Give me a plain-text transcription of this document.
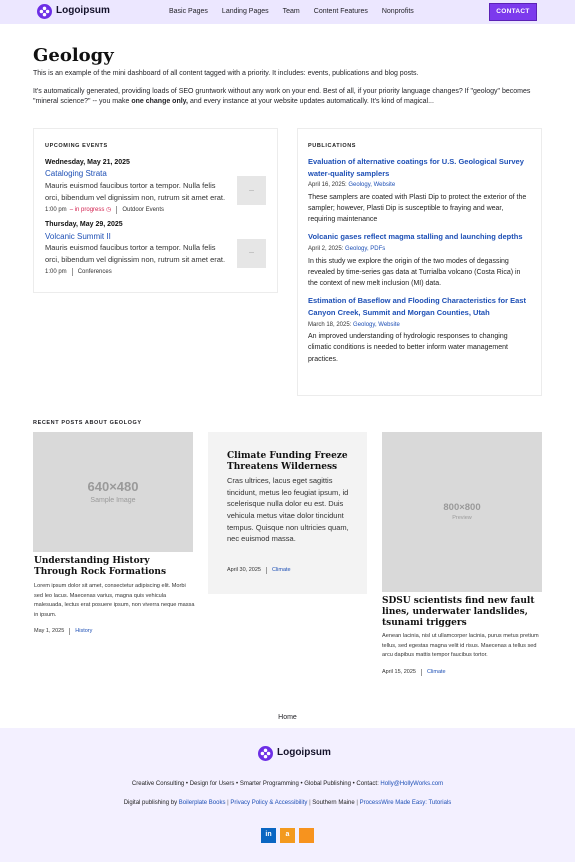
Logoipsum	Basic Pages Landing Pages Team Content Features Nonprofits	CONTACT
Geology

This is an example of the mini dashboard of all content tagged with a priority. It includes: events, publications and blog posts.

It's automatically generated, providing loads of SEO gruntwork without any work on your end. Best of all, if your priority language changes? If "geology" becomes "mineral science?" -- you make one change only, and every instance at your website updates automatically. It's kind of magical...

UPCOMING EVENTS
Wednesday, May 21, 2025
Cataloging Strata
Mauris euismod faucibus tortor a tempor. Nulla felis orci, bibendum vel dignissim non, rutrum sit amet erat.
1:00 pm – in progress ◷ Outdoor Events
▬▬
Thursday, May 29, 2025
Volcanic Summit II
Mauris euismod faucibus tortor a tempor. Nulla felis orci, bibendum vel dignissim non, rutrum sit amet erat.
1:00 pm Conferences
▬▬
PUBLICATIONS
Evaluation of alternative coatings for U.S. Geological Survey water-quality samplers
April 16, 2025: Geology, Website
These samplers are coated with Plasti Dip to protect the exterior of the sampler; however, Plasti Dip is susceptible to fraying and wear, requiring maintenance
Volcanic gases reflect magma stalling and launching depths
April 2, 2025: Geology, PDFs
In this study we explore the origin of the two modes of degassing revealed by time-series gas data at Turrialba volcano (Costa Rica) in the context of new melt inclusion (MI) data.
Estimation of Baseflow and Flooding Characteristics for East Canyon Creek, Summit and Morgan Counties, Utah
March 18, 2025: Geology, Website
An improved understanding of hydrologic responses to changing climatic conditions is needed to better inform water management practices.
RECENT POSTS ABOUT GEOLOGY
640×480
Sample Image
Understanding History Through Rock Formations
Lorem ipsum dolor sit amet, consectetur adipiscing elit. Morbi sed leo lacus. Maecenas varius, magna quis vehicula malesuada, lectus erat posuere ipsum, non viverra neque massa in ipsum.
May 1, 2025 History
Climate Funding Freeze Threatens Wilderness
Cras ultrices, lacus eget sagittis tincidunt, metus leo feugiat ipsum, id scelerisque nulla dolor eu est. Duis vehicula metus vitae dolor tincidunt tempus. Quisque non ultricies quam, nec euismod massa.
April 30, 2025 Climate
800×800
Preview
SDSU scientists find new fault lines, underwater landslides, tsunami triggers
Aenean lacinia, nisl ut ullamcorper lacinia, purus metus pretium tellus, sed egestas magna velit id risus. Maecenas a tellus sed arcu dapibus mattis tempor faucibus tortor.
April 15, 2025 Climate
Home
Logoipsum
Creative Consulting • Design for Users • Smarter Programming • Global Publishing • Contact: Holly@HollyWorks.com
Digital publishing by Boilerplate Books | Privacy Policy & Accessibility | Southern Maine | ProcessWire Made Easy: Tutorials
in a
